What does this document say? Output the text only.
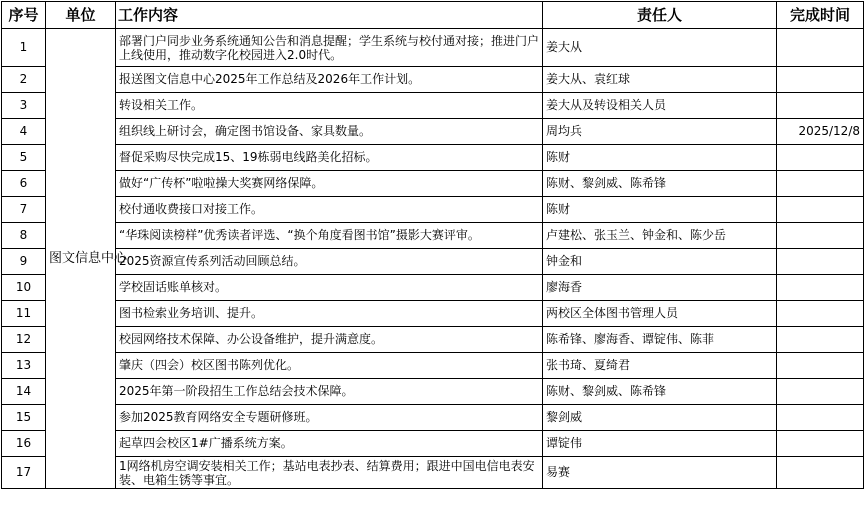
序号	单位	工作内容	责任人	完成时间
1	图文信息中心	部署门户同步业务系统通知公告和消息提醒；学生系统与校付通对接；推进门户上线使用，推动数字化校园进入2.0时代。	姜大从	
2		报送图文信息中心2025年工作总结及2026年工作计划。	姜大从、袁红球	
3		转设相关工作。	姜大从及转设相关人员	
4		组织线上研讨会，确定图书馆设备、家具数量。	周均兵	2025/12/8
5		督促采购尽快完成15、19栋弱电线路美化招标。	陈财	
6		做好“广传杯”啦啦操大奖赛网络保障。	陈财、黎剑威、陈希锋	
7		校付通收费接口对接工作。	陈财	
8		“华珠阅读榜样”优秀读者评选、“换个角度看图书馆”摄影大赛评审。	卢建松、张玉兰、钟金和、陈少岳	
9		2025资源宣传系列活动回顾总结。	钟金和	
10		学校固话账单核对。	廖海香	
11		图书检索业务培训、提升。	两校区全体图书管理人员	
12		校园网络技术保障、办公设备维护，提升满意度。	陈希锋、廖海香、谭锭伟、陈菲	
13		肇庆（四会）校区图书陈列优化。	张书琦、夏绮君	
14		2025年第一阶段招生工作总结会技术保障。	陈财、黎剑威、陈希锋	
15		参加2025教育网络安全专题研修班。	黎剑威	
16		起草四会校区1#广播系统方案。	谭锭伟	
17		1网络机房空调安装相关工作；基站电表抄表、结算费用；跟进中国电信电表安装、电箱生锈等事宜。	易赛	
